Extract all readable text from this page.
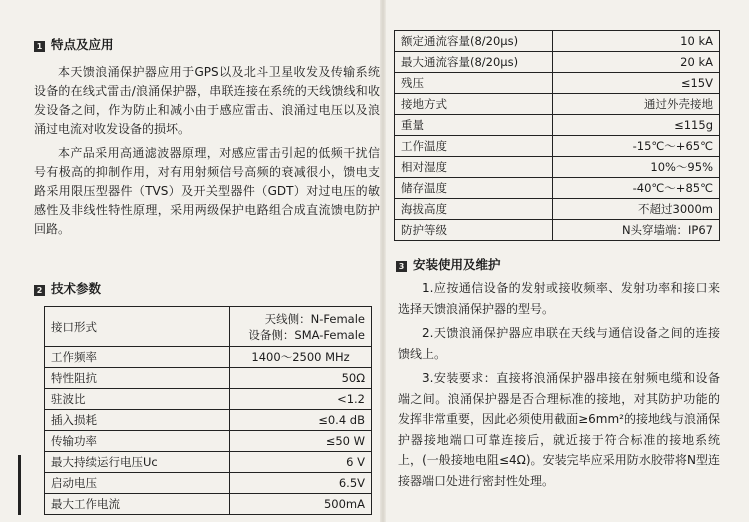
1 特点及应用

本天馈浪涌保护器应用于GPS以及北斗卫星收发及传输系统设备的在线式雷击/浪涌保护器，串联连接在系统的天线馈线和收发设备之间，作为防止和减小由于感应雷击、浪涌过电压以及浪涌过电流对收发设备的损坏。

本产品采用高通滤波器原理，对感应雷击引起的低频干扰信号有极高的抑制作用，对有用射频信号高频的衰减很小，馈电支路采用限压型器件（TVS）及开关型器件（GDT）对过电压的敏感性及非线性特性原理，采用两级保护电路组合成直流馈电防护回路。

2 技术参数
接口形式	天线侧：N-Female
设备侧：SMA-Female

工作频率	1400～2500 MHz
特性阻抗	50Ω
驻波比	<1.2
插入损耗	≤0.4 dB
传输功率	≤50 W
最大持续运行电压Uc	6 V
启动电压	6.5V
最大工作电流	500mA
额定通流容量(8/20μs)	10 kA
最大通流容量(8/20μs)	20 kA
残压	≤15V
接地方式	通过外壳接地
重量	≤115g
工作温度	-15℃～+65℃
相对湿度	10%～95%
储存温度	-40℃～+85℃
海拔高度	不超过3000m
防护等级	N头穿墙端：IP67
3 安装使用及维护

1.应按通信设备的发射或接收频率、发射功率和接口来选择天馈浪涌保护器的型号。

2.天馈浪涌保护器应串联在天线与通信设备之间的连接馈线上。

3.安装要求：直接将浪涌保护器串接在射频电缆和设备端之间。浪涌保护器是否合理标准的接地，对其防护功能的发挥非常重要，因此必须使用截面≥6mm²的接地线与浪涌保护器接地端口可靠连接后，就近接于符合标准的接地系统上，(一般接地电阻≤4Ω)。安装完毕应采用防水胶带将N型连接器端口处进行密封性处理。
